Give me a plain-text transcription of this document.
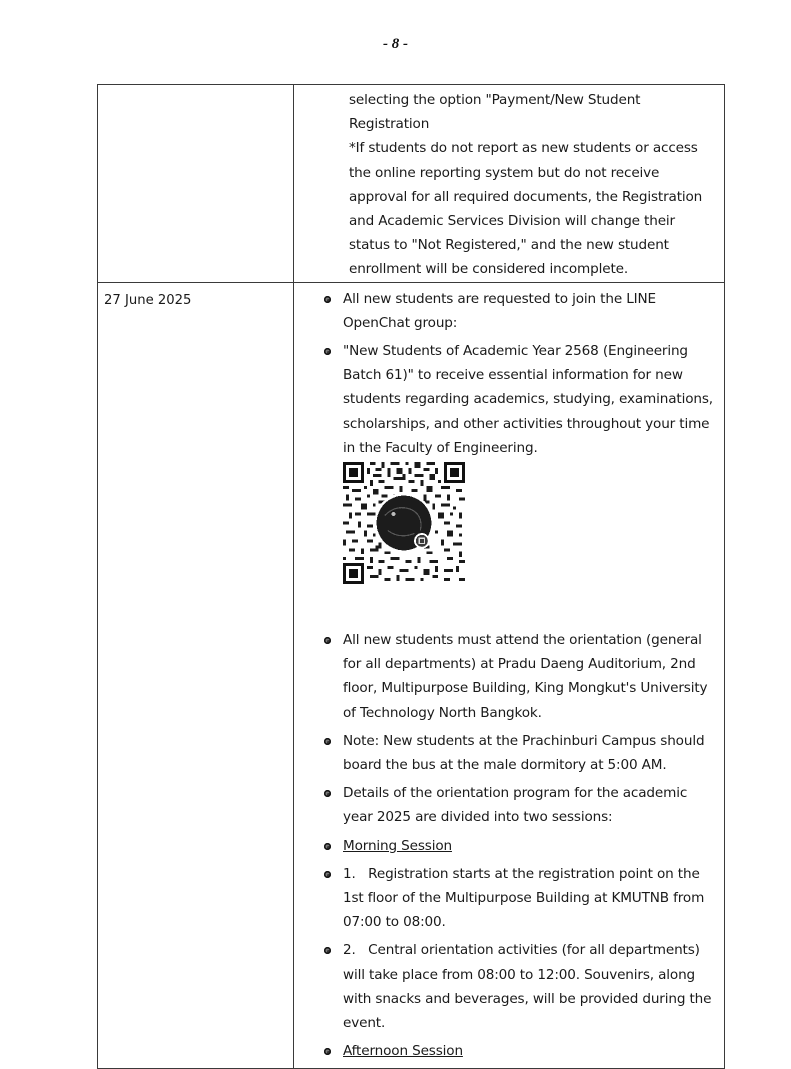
- 8 -

	selecting the option "Payment/New Student Registration

*If students do not report as new students or access the online reporting system but do not receive approval for all required documents, the Registration and Academic Services Division will change their status to "Not Registered," and the new student enrollment will be considered incomplete.

27 June 2025	All new students are requested to join the LINE OpenChat group:
"New Students of Academic Year 2568 (Engineering Batch 61)" to receive essential information for new students regarding academics, studying, examinations, scholarships, and other activities throughout your time in the Faculty of Engineering.
All new students must attend the orientation (general for all departments) at Pradu Daeng Auditorium, 2nd floor, Multipurpose Building, King Mongkut's University of Technology North Bangkok.
Note: New students at the Prachinburi Campus should board the bus at the male dormitory at 5:00 AM.
Details of the orientation program for the academic year 2025 are divided into two sessions:
Morning Session
1.   Registration starts at the registration point on the 1st floor of the Multipurpose Building at KMUTNB from 07:00 to 08:00.
2.   Central orientation activities (for all departments) will take place from 08:00 to 12:00. Souvenirs, along with snacks and beverages, will be provided during the event.
Afternoon Session
